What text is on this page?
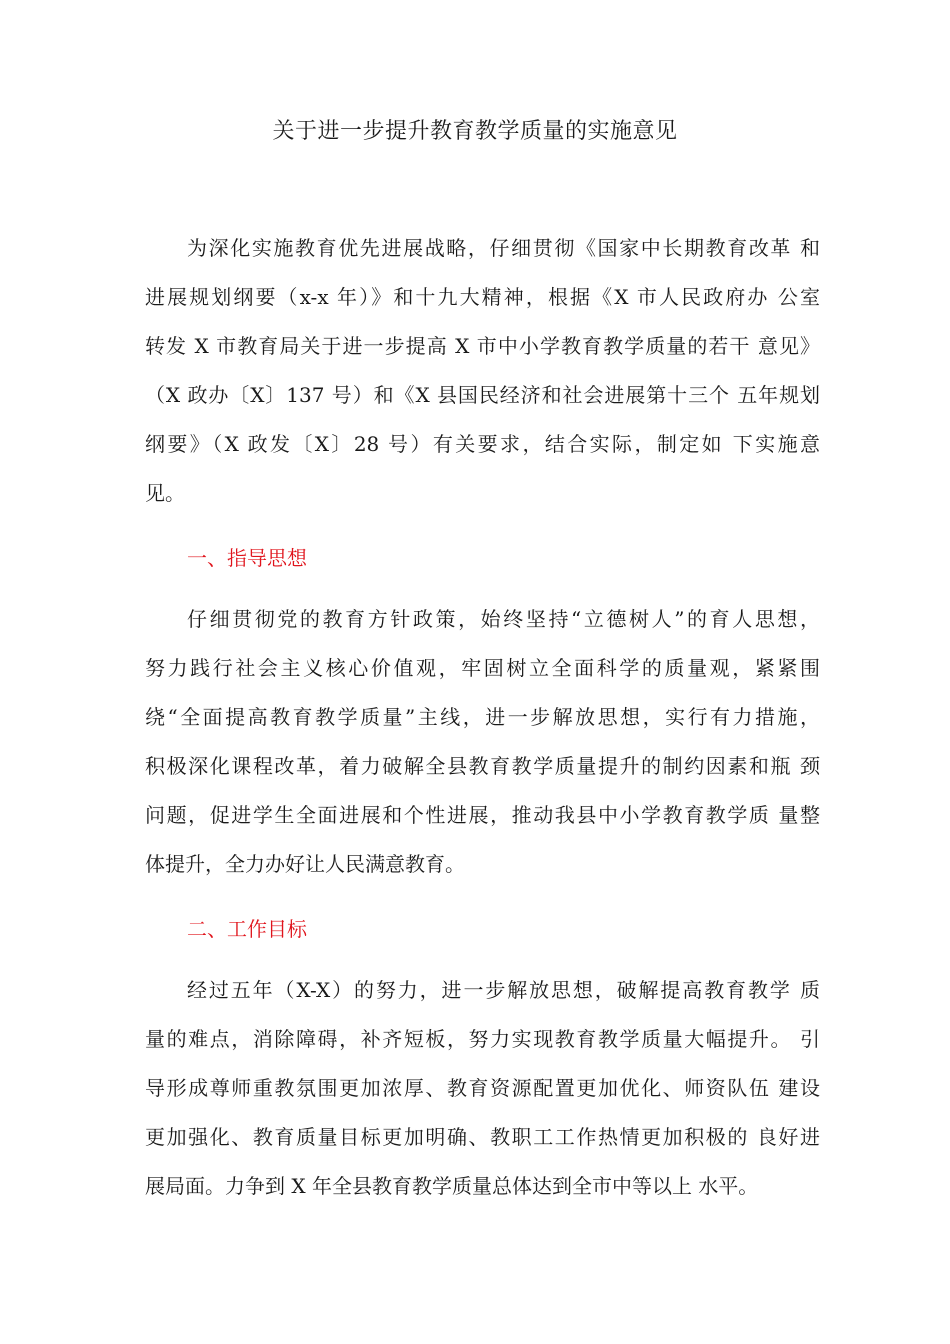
关于进一步提升教育教学质量的实施意见
为深化实施教育优先进展战略，仔细贯彻《国家中长期教育改革 和
进展规划纲要（x-x 年）》和十九大精神，根据《X 市人民政府办 公室
转发 X 市教育局关于进一步提高 X 市中小学教育教学质量的若干 意见》
（X 政办〔X〕137 号）和《X 县国民经济和社会进展第十三个 五年规划
纲要》（X 政发〔X〕28 号）有关要求，结合实际，制定如 下实施意
见。
一、指导思想
仔细贯彻党的教育方针政策，始终坚持“立德树人”的育人思想，
努力践行社会主义核心价值观，牢固树立全面科学的质量观，紧紧围
绕“全面提高教育教学质量”主线，进一步解放思想，实行有力措施，
积极深化课程改革，着力破解全县教育教学质量提升的制约因素和瓶 颈
问题，促进学生全面进展和个性进展，推动我县中小学教育教学质 量整
体提升，全力办好让人民满意教育。
二、工作目标
经过五年（X-X）的努力，进一步解放思想，破解提高教育教学 质
量的难点，消除障碍，补齐短板，努力实现教育教学质量大幅提升。 引
导形成尊师重教氛围更加浓厚、教育资源配置更加优化、师资队伍 建设
更加强化、教育质量目标更加明确、教职工工作热情更加积极的 良好进
展局面。力争到 X 年全县教育教学质量总体达到全市中等以上 水平。
